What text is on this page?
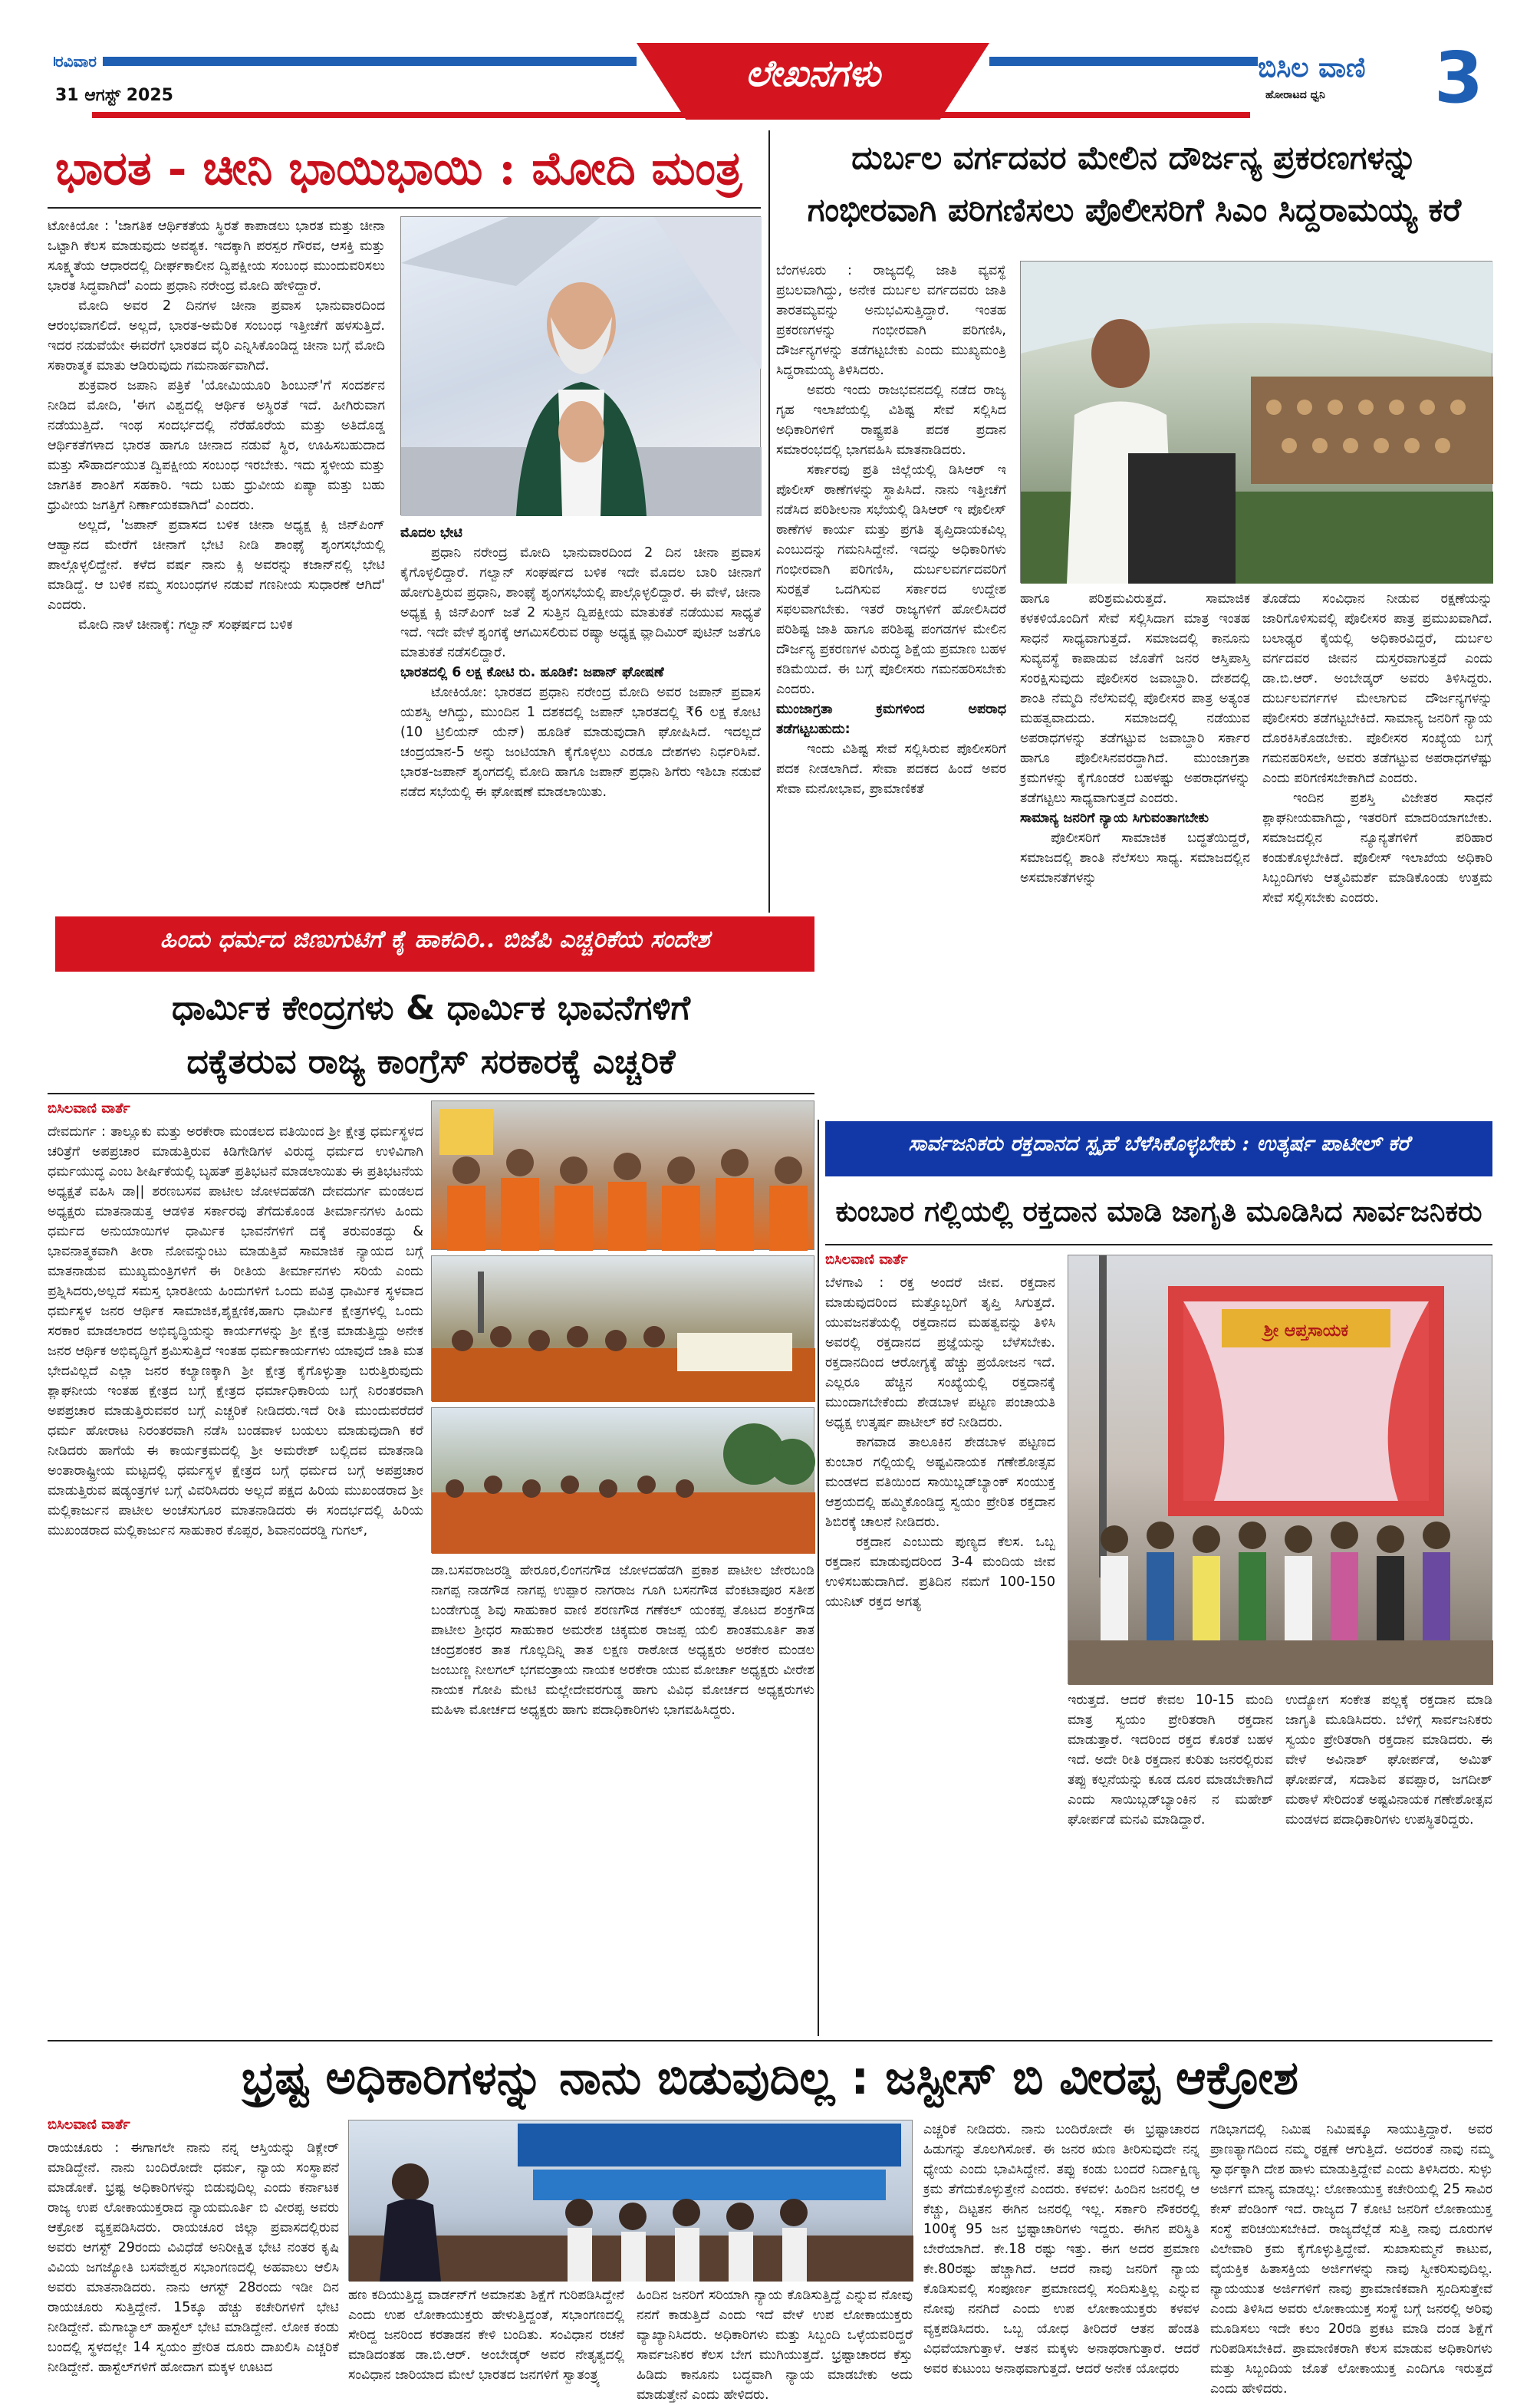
ರವಿವಾರ
31 ಆಗಸ್ಟ್ 2025
ಲೇಖನಗಳು	ಬಿಸಿಲ ವಾಣಿ
ಹೋರಾಟದ ಧ್ವನಿ 3
ಭಾರತ - ಚೀನಿ ಭಾಯಿಭಾಯಿ : ಮೋದಿ ಮಂತ್ರ

ಟೋಕಿಯೋ : 'ಜಾಗತಿಕ ಆರ್ಥಿಕತೆಯ ಸ್ಥಿರತೆ ಕಾಪಾಡಲು ಭಾರತ ಮತ್ತು ಚೀನಾ ಒಟ್ಟಾಗಿ ಕೆಲಸ ಮಾಡುವುದು ಅವಶ್ಯಕ. ಇದಕ್ಕಾಗಿ ಪರಸ್ಪರ ಗೌರವ, ಆಸಕ್ತಿ ಮತ್ತು ಸೂಕ್ಷ್ಮತೆಯ ಆಧಾರದಲ್ಲಿ ದೀರ್ಘಕಾಲೀನ ದ್ವಿಪಕ್ಷೀಯ ಸಂಬಂಧ ಮುಂದುವರಿಸಲು ಭಾರತ ಸಿದ್ಧವಾಗಿದೆ' ಎಂದು ಪ್ರಧಾನಿ ನರೇಂದ್ರ ಮೋದಿ ಹೇಳಿದ್ದಾರೆ.

ಮೋದಿ ಅವರ 2 ದಿನಗಳ ಚೀನಾ ಪ್ರವಾಸ ಭಾನುವಾರದಿಂದ ಆರಂಭವಾಗಲಿದೆ. ಅಲ್ಲದೆ, ಭಾರತ-ಅಮೆರಿಕ ಸಂಬಂಧ ಇತ್ತೀಚೆಗೆ ಹಳಸುತ್ತಿದೆ. ಇದರ ನಡುವೆಯೇ ಈವರೆಗೆ ಭಾರತದ ವೈರಿ ಎನ್ನಿಸಿಕೊಂಡಿದ್ದ ಚೀನಾ ಬಗ್ಗೆ ಮೋದಿ ಸಕಾರಾತ್ಮಕ ಮಾತು ಆಡಿರುವುದು ಗಮನಾರ್ಹವಾಗಿದೆ.

ಶುಕ್ರವಾರ ಜಪಾನಿ ಪತ್ರಿಕೆ 'ಯೋಮಿಯೂರಿ ಶಿಂಬುನ್'ಗೆ ಸಂದರ್ಶನ ನೀಡಿದ ಮೋದಿ, 'ಈಗ ವಿಶ್ವದಲ್ಲಿ ಆರ್ಥಿಕ ಅಸ್ಥಿರತೆ ಇದೆ. ಹೀಗಿರುವಾಗ ನಡೆಯುತ್ತಿದೆ. ಇಂಥ ಸಂದರ್ಭದಲ್ಲಿ ನೆರೆಹೊರೆಯ ಮತ್ತು ಅತಿದೊಡ್ಡ ಆರ್ಥಿಕತೆಗಳಾದ ಭಾರತ ಹಾಗೂ ಚೀನಾದ ನಡುವೆ ಸ್ಥಿರ, ಊಹಿಸಬಹುದಾದ ಮತ್ತು ಸೌಹಾರ್ದಯುತ ದ್ವಿಪಕ್ಷೀಯ ಸಂಬಂಧ ಇರಬೇಕು. ಇದು ಸ್ಥಳೀಯ ಮತ್ತು ಜಾಗತಿಕ ಶಾಂತಿಗೆ ಸಹಕಾರಿ. ಇದು ಬಹು ಧ್ರುವೀಯ ಏಷ್ಯಾ ಮತ್ತು ಬಹು ಧ್ರುವೀಯ ಜಗತ್ತಿಗೆ ನಿರ್ಣಾಯಕವಾಗಿದೆ' ಎಂದರು.

ಅಲ್ಲದೆ, 'ಜಪಾನ್ ಪ್ರವಾಸದ ಬಳಿಕ ಚೀನಾ ಅಧ್ಯಕ್ಷ ಕ್ಸಿ ಜಿನ್‌ಪಿಂಗ್ ಆಹ್ವಾನದ ಮೇರೆಗೆ ಚೀನಾಗೆ ಭೇಟಿ ನೀಡಿ ಶಾಂಘೈ ಶೃಂಗಸಭೆಯಲ್ಲಿ ಪಾಲ್ಗೊಳ್ಳಲಿದ್ದೇನೆ. ಕಳೆದ ವರ್ಷ ನಾನು ಕ್ಸಿ ಅವರನ್ನು ಕಜಾನ್‌ನಲ್ಲಿ ಭೇಟಿ ಮಾಡಿದ್ದೆ. ಆ ಬಳಿಕ ನಮ್ಮ ಸಂಬಂಧಗಳ ನಡುವೆ ಗಣನೀಯ ಸುಧಾರಣೆ ಆಗಿದೆ' ಎಂದರು.

ಮೋದಿ ನಾಳೆ ಚೀನಾಕ್ಕೆ: ಗಲ್ವಾನ್ ಸಂಘರ್ಷದ ಬಳಿಕ

ಮೊದಲ ಭೇಟಿ

ಪ್ರಧಾನಿ ನರೇಂದ್ರ ಮೋದಿ ಭಾನುವಾರದಿಂದ 2 ದಿನ ಚೀನಾ ಪ್ರವಾಸ ಕೈಗೊಳ್ಳಲಿದ್ದಾರೆ. ಗಲ್ವಾನ್ ಸಂಘರ್ಷದ ಬಳಿಕ ಇದೇ ಮೊದಲ ಬಾರಿ ಚೀನಾಗೆ ಹೋಗುತ್ತಿರುವ ಪ್ರಧಾನಿ, ಶಾಂಘೈ ಶೃಂಗಸಭೆಯಲ್ಲಿ ಪಾಲ್ಗೊಳ್ಳಲಿದ್ದಾರೆ. ಈ ವೇಳೆ, ಚೀನಾ ಅಧ್ಯಕ್ಷ ಕ್ಸಿ ಜಿನ್‌ಪಿಂಗ್ ಜತೆ 2 ಸುತ್ತಿನ ದ್ವಿಪಕ್ಷೀಯ ಮಾತುಕತೆ ನಡೆಯುವ ಸಾಧ್ಯತೆ ಇದೆ. ಇದೇ ವೇಳೆ ಶೃಂಗಕ್ಕೆ ಆಗಮಿಸಲಿರುವ ರಷ್ಯಾ ಅಧ್ಯಕ್ಷ ವ್ಲಾದಿಮಿರ್ ಪುಟಿನ್ ಜತೆಗೂ ಮಾತುಕತೆ ನಡೆಸಲಿದ್ದಾರೆ.

ಭಾರತದಲ್ಲಿ 6 ಲಕ್ಷ ಕೋಟಿ ರು. ಹೂಡಿಕೆ: ಜಪಾನ್ ಘೋಷಣೆ

ಟೋಕಿಯೋ: ಭಾರತದ ಪ್ರಧಾನಿ ನರೇಂದ್ರ ಮೋದಿ ಅವರ ಜಪಾನ್ ಪ್ರವಾಸ ಯಶಸ್ವಿ ಆಗಿದ್ದು, ಮುಂದಿನ 1 ದಶಕದಲ್ಲಿ ಜಪಾನ್ ಭಾರತದಲ್ಲಿ ₹6 ಲಕ್ಷ ಕೋಟಿ (10 ಟ್ರಿಲಿಯನ್ ಯೆನ್) ಹೂಡಿಕೆ ಮಾಡುವುದಾಗಿ ಘೋಷಿಸಿದೆ. ಇದಲ್ಲದೆ ಚಂದ್ರಯಾನ-5 ಅನ್ನು ಜಂಟಿಯಾಗಿ ಕೈಗೊಳ್ಳಲು ಎರಡೂ ದೇಶಗಳು ನಿರ್ಧರಿಸಿವೆ. ಭಾರತ-ಜಪಾನ್ ಶೃಂಗದಲ್ಲಿ ಮೋದಿ ಹಾಗೂ ಜಪಾನ್ ಪ್ರಧಾನಿ ಶಿಗೆರು ಇಶಿಬಾ ನಡುವೆ ನಡೆದ ಸಭೆಯಲ್ಲಿ ಈ ಘೋಷಣೆ ಮಾಡಲಾಯಿತು.

ದುರ್ಬಲ ವರ್ಗದವರ ಮೇಲಿನ ದೌರ್ಜನ್ಯ ಪ್ರಕರಣಗಳನ್ನು
ಗಂಭೀರವಾಗಿ ಪರಿಗಣಿಸಲು ಪೊಲೀಸರಿಗೆ ಸಿಎಂ ಸಿದ್ದರಾಮಯ್ಯ ಕರೆ

ಬೆಂಗಳೂರು : ರಾಜ್ಯದಲ್ಲಿ ಜಾತಿ ವ್ಯವಸ್ಥೆ ಪ್ರಬಲವಾಗಿದ್ದು, ಅನೇಕ ದುರ್ಬಲ ವರ್ಗದವರು ಜಾತಿ ತಾರತಮ್ಯವನ್ನು ಅನುಭವಿಸುತ್ತಿದ್ದಾರೆ. ಇಂತಹ ಪ್ರಕರಣಗಳನ್ನು ಗಂಭೀರವಾಗಿ ಪರಿಗಣಿಸಿ, ದೌರ್ಜನ್ಯಗಳನ್ನು ತಡೆಗಟ್ಟಬೇಕು ಎಂದು ಮುಖ್ಯಮಂತ್ರಿ ಸಿದ್ದರಾಮಯ್ಯ ತಿಳಿಸಿದರು.

ಅವರು ಇಂದು ರಾಜಭವನದಲ್ಲಿ ನಡೆದ ರಾಜ್ಯ ಗೃಹ ಇಲಾಖೆಯಲ್ಲಿ ವಿಶಿಷ್ಟ ಸೇವೆ ಸಲ್ಲಿಸಿದ ಅಧಿಕಾರಿಗಳಿಗೆ ರಾಷ್ಟ್ರಪತಿ ಪದಕ ಪ್ರದಾನ ಸಮಾರಂಭದಲ್ಲಿ ಭಾಗವಹಿಸಿ ಮಾತನಾಡಿದರು.

ಸರ್ಕಾರವು ಪ್ರತಿ ಜಿಲ್ಲೆಯಲ್ಲಿ ಡಿಸಿಆರ್ ಇ ಪೊಲೀಸ್ ಠಾಣೆಗಳನ್ನು ಸ್ಥಾಪಿಸಿದೆ. ನಾನು ಇತ್ತೀಚೆಗೆ ನಡೆಸಿದ ಪರಿಶೀಲನಾ ಸಭೆಯಲ್ಲಿ ಡಿಸಿಆರ್ ಇ ಪೊಲೀಸ್ ಠಾಣೆಗಳ ಕಾರ್ಯ ಮತ್ತು ಪ್ರಗತಿ ತೃಪ್ತಿದಾಯಕವಿಲ್ಲ ಎಂಬುದನ್ನು ಗಮನಿಸಿದ್ದೇನೆ. ಇದನ್ನು ಅಧಿಕಾರಿಗಳು ಗಂಭೀರವಾಗಿ ಪರಿಗಣಿಸಿ, ದುರ್ಬಲವರ್ಗದವರಿಗೆ ಸುರಕ್ಷತೆ ಒದಗಿಸುವ ಸರ್ಕಾರದ ಉದ್ದೇಶ ಸಫಲವಾಗಬೇಕು. ಇತರೆ ರಾಜ್ಯಗಳಿಗೆ ಹೋಲಿಸಿದರೆ ಪರಿಶಿಷ್ಟ ಜಾತಿ ಹಾಗೂ ಪರಿಶಿಷ್ಟ ಪಂಗಡಗಳ ಮೇಲಿನ ದೌರ್ಜನ್ಯ ಪ್ರಕರಣಗಳ ವಿರುದ್ಧ ಶಿಕ್ಷೆಯ ಪ್ರಮಾಣ ಬಹಳ ಕಡಿಮೆಯಿದೆ. ಈ ಬಗ್ಗೆ ಪೊಲೀಸರು ಗಮನಹರಿಸಬೇಕು ಎಂದರು.

ಮುಂಜಾಗ್ರತಾ ಕ್ರಮಗಳಿಂದ ಅಪರಾಧ ತಡೆಗಟ್ಟಬಹುದು:

ಇಂದು ವಿಶಿಷ್ಟ ಸೇವೆ ಸಲ್ಲಿಸಿರುವ ಪೊಲೀಸರಿಗೆ ಪದಕ ನೀಡಲಾಗಿದೆ. ಸೇವಾ ಪದಕದ ಹಿಂದೆ ಅವರ ಸೇವಾ ಮನೋಭಾವ, ಪ್ರಾಮಾಣಿಕತೆ

ಹಾಗೂ ಪರಿಶ್ರಮವಿರುತ್ತದೆ. ಸಾಮಾಜಿಕ ಕಳಕಳಿಯೊಂದಿಗೆ ಸೇವೆ ಸಲ್ಲಿಸಿದಾಗ ಮಾತ್ರ ಇಂತಹ ಸಾಧನೆ ಸಾಧ್ಯವಾಗುತ್ತದೆ. ಸಮಾಜದಲ್ಲಿ ಕಾನೂನು ಸುವ್ಯವಸ್ಥೆ ಕಾಪಾಡುವ ಜೊತೆಗೆ ಜನರ ಆಸ್ತಿಪಾಸ್ತಿ ಸಂರಕ್ಷಿಸುವುದು ಪೊಲೀಸರ ಜವಾಬ್ದಾರಿ. ದೇಶದಲ್ಲಿ ಶಾಂತಿ ನೆಮ್ಮದಿ ನೆಲೆಸುವಲ್ಲಿ ಪೊಲೀಸರ ಪಾತ್ರ ಅತ್ಯಂತ ಮಹತ್ವವಾದುದು. ಸಮಾಜದಲ್ಲಿ ನಡೆಯುವ ಅಪರಾಧಗಳನ್ನು ತಡೆಗಟ್ಟುವ ಜವಾಬ್ದಾರಿ ಸರ್ಕಾರ ಹಾಗೂ ಪೊಲೀಸಿನವರದ್ದಾಗಿದೆ. ಮುಂಜಾಗ್ರತಾ ಕ್ರಮಗಳನ್ನು ಕೈಗೊಂಡರೆ ಬಹಳಷ್ಟು ಅಪರಾಧಗಳನ್ನು ತಡೆಗಟ್ಟಲು ಸಾಧ್ಯವಾಗುತ್ತದೆ ಎಂದರು.

ಸಾಮಾನ್ಯ ಜನರಿಗೆ ನ್ಯಾಯ ಸಿಗುವಂತಾಗಬೇಕು

ಪೊಲೀಸರಿಗೆ ಸಾಮಾಜಿಕ ಬದ್ಧತೆಯಿದ್ದರೆ, ಸಮಾಜದಲ್ಲಿ ಶಾಂತಿ ನೆಲೆಸಲು ಸಾಧ್ಯ. ಸಮಾಜದಲ್ಲಿನ ಅಸಮಾನತೆಗಳನ್ನು

ತೊಡೆದು ಸಂವಿಧಾನ ನೀಡುವ ರಕ್ಷಣೆಯನ್ನು ಜಾರಿಗೊಳಿಸುವಲ್ಲಿ ಪೊಲೀಸರ ಪಾತ್ರ ಪ್ರಮುಖವಾಗಿದೆ. ಬಲಾಢ್ಯರ ಕೈಯಲ್ಲಿ ಅಧಿಕಾರವಿದ್ದರೆ, ದುರ್ಬಲ ವರ್ಗದವರ ಜೀವನ ದುಸ್ತರವಾಗುತ್ತದೆ ಎಂದು ಡಾ.ಬಿ.ಆರ್. ಅಂಬೇಡ್ಕರ್ ಅವರು ತಿಳಿಸಿದ್ದರು. ದುರ್ಬಲವರ್ಗಗಳ ಮೇಲಾಗುವ ದೌರ್ಜನ್ಯಗಳನ್ನು ಪೊಲೀಸರು ತಡೆಗಟ್ಟಬೇಕಿದೆ. ಸಾಮಾನ್ಯ ಜನರಿಗೆ ನ್ಯಾಯ ದೊರಕಿಸಿಕೊಡಬೇಕು. ಪೊಲೀಸರ ಸಂಖ್ಯೆಯ ಬಗ್ಗೆ ಗಮನಹರಿಸಲೇ, ಅವರು ತಡೆಗಟ್ಟುವ ಅಪರಾಧಗಳೆಷ್ಟು ಎಂದು ಪರಿಗಣಿಸಬೇಕಾಗಿದೆ ಎಂದರು.

ಇಂದಿನ ಪ್ರಶಸ್ತಿ ವಿಜೇತರ ಸಾಧನೆ ಶ್ಲಾಘನೀಯವಾಗಿದ್ದು, ಇತರರಿಗೆ ಮಾದರಿಯಾಗಬೇಕು. ಸಮಾಜದಲ್ಲಿನ ನ್ಯೂನ್ಯತೆಗಳಿಗೆ ಪರಿಹಾರ ಕಂಡುಕೊಳ್ಳಬೇಕಿದೆ. ಪೊಲೀಸ್ ಇಲಾಖೆಯ ಅಧಿಕಾರಿ ಸಿಬ್ಬಂದಿಗಳು ಆತ್ಮವಿಮರ್ಶೆ ಮಾಡಿಕೊಂಡು ಉತ್ತಮ ಸೇವೆ ಸಲ್ಲಿಸಬೇಕು ಎಂದರು.

ಹಿಂದು ಧರ್ಮದ ಜಿಣುಗುಟಿಗೆ ಕೈ ಹಾಕದಿರಿ.. ಬಿಜೆಪಿ ಎಚ್ಚರಿಕೆಯ ಸಂದೇಶ
ಧಾರ್ಮಿಕ ಕೇಂದ್ರಗಳು & ಧಾರ್ಮಿಕ ಭಾವನೆಗಳಿಗೆ
ದಕ್ಕೆತರುವ ರಾಜ್ಯ ಕಾಂಗ್ರೆಸ್ ಸರಕಾರಕ್ಕೆ ಎಚ್ಚರಿಕೆ
ಬಿಸಿಲವಾಣಿ ವಾರ್ತೆ
ದೇವದುರ್ಗ : ತಾಲ್ಲೂಕು ಮತ್ತು ಅರಕೇರಾ ಮಂಡಲದ ವತಿಯಿಂದ ಶ್ರೀ ಕ್ಷೇತ್ರ ಧರ್ಮಸ್ಥಳದ ಚರಿತ್ರೆಗೆ ಅಪಪ್ರಚಾರ ಮಾಡುತ್ತಿರುವ ಕಿಡಿಗೇಡಿಗಳ ವಿರುದ್ಧ ಧರ್ಮದ ಉಳಿವಿಗಾಗಿ ಧರ್ಮಯುದ್ಧ ಎಂಬ ಶೀರ್ಷಿಕೆಯಲ್ಲಿ ಬೃಹತ್ ಪ್ರತಿಭಟನೆ ಮಾಡಲಾಯಿತು ಈ ಪ್ರತಿಭಟನೆಯ ಅಧ್ಯಕ್ಷತೆ ವಹಿಸಿ ಡಾ|| ಶರಣಬಸವ ಪಾಟೀಲ ಜೋಳದಹೆಡಗಿ ದೇವದುರ್ಗ ಮಂಡಲದ ಅಧ್ಯಕ್ಷರು ಮಾತನಾಡುತ್ತ ಆಡಳಿತ ಸರ್ಕಾರವು ತೆಗೆದುಕೊಂಡ ತೀರ್ಮಾನಗಳು ಹಿಂದು ಧರ್ಮದ ಅನುಯಾಯಿಗಳ ಧಾರ್ಮಿಕ ಭಾವನೆಗಳಿಗೆ ದಕ್ಕೆ ತರುವಂತದ್ದು & ಭಾವನಾತ್ಮಕವಾಗಿ ತೀರಾ ನೋವನ್ನುಂಟು ಮಾಡುತ್ತಿವೆ ಸಾಮಾಜಿಕ ನ್ಯಾಯದ ಬಗ್ಗೆ ಮಾತನಾಡುವ ಮುಖ್ಯಮಂತ್ರಿಗಳಿಗೆ ಈ ರೀತಿಯ ತೀರ್ಮಾನಗಳು ಸರಿಯೆ ಎಂದು ಪ್ರಶ್ನಿಸಿದರು,ಅಲ್ಲದೆ ಸಮಸ್ತ ಭಾರತೀಯ ಹಿಂದುಗಳಿಗೆ ಒಂದು ಪವಿತ್ರ ಧಾರ್ಮಿಕ ಸ್ಥಳವಾದ ಧರ್ಮಸ್ಥಳ ಜನರ ಆರ್ಥಿಕ ಸಾಮಾಜಿಕ,ಶೈಕ್ಷಣಿಕ,ಹಾಗು ಧಾರ್ಮಿಕ ಕ್ಷೇತ್ರಗಳಲ್ಲಿ ಒಂದು ಸರಕಾರ ಮಾಡಲಾರದ ಅಭಿವೃದ್ಧಿಯನ್ನು ಕಾರ್ಯಗಳನ್ನು ಶ್ರೀ ಕ್ಷೇತ್ರ ಮಾಡುತ್ತಿದ್ದು ಅನೇಕ ಜನರ ಆರ್ಥಿಕ ಅಭಿವೃದ್ಧಿಗೆ ಶ್ರಮಿಸುತ್ತಿದೆ ಇಂತಹ ಧರ್ಮಕಾರ್ಯಗಳು ಯಾವುದೆ ಜಾತಿ ಮತ ಭೇದವಿಲ್ಲದೆ ಎಲ್ಲಾ ಜನರ ಕಲ್ಯಾಣಕ್ಕಾಗಿ ಶ್ರೀ ಕ್ಷೇತ್ರ ಕೈಗೊಳ್ಳುತ್ತಾ ಬರುತ್ತಿರುವುದು ಶ್ಲಾಘನೀಯ ಇಂತಹ ಕ್ಷೇತ್ರದ ಬಗ್ಗೆ ಕ್ಷೇತ್ರದ ಧರ್ಮಾಧಿಕಾರಿಯ ಬಗ್ಗೆ ನಿರಂತರವಾಗಿ ಅಪಪ್ರಚಾರ ಮಾಡುತ್ತಿರುವವರ ಬಗ್ಗೆ ಎಚ್ಚರಿಕೆ ನೀಡಿದರು.ಇದೆ ರೀತಿ ಮುಂದುವರೆದರೆ ಧರ್ಮ ಹೋರಾಟ ನಿರಂತರವಾಗಿ ನಡೆಸಿ ಬಂಡವಾಳ ಬಯಲು ಮಾಡುವುದಾಗಿ ಕರೆ ನೀಡಿದರು ಹಾಗೆಯೆ ಈ ಕಾರ್ಯಕ್ರಮದಲ್ಲಿ ಶ್ರೀ ಅಮರೇಶ್ ಬಲ್ಲಿದವ ಮಾತನಾಡಿ ಅಂತಾರಾಷ್ಟ್ರೀಯ ಮಟ್ಟದಲ್ಲಿ ಧರ್ಮಸ್ಥಳ ಕ್ಷೇತ್ರದ ಬಗ್ಗೆ ಧರ್ಮದ ಬಗ್ಗೆ ಅಪಪ್ರಚಾರ ಮಾಡುತ್ತಿರುವ ಷಡ್ಯಂತ್ರಗಳ ಬಗ್ಗೆ ವಿವರಿಸಿದರು ಅಲ್ಲದೆ ಪಕ್ಷದ ಹಿರಿಯ ಮುಖಂಡರಾದ ಶ್ರೀ ಮಲ್ಲಿಕಾರ್ಜುನ ಪಾಟೀಲ ಅಂಚೆಸುಗೂರ ಮಾತನಾಡಿದರು ಈ ಸಂದರ್ಭದಲ್ಲಿ ಹಿರಿಯ ಮುಖಂಡರಾದ ಮಲ್ಲಿಕಾರ್ಜುನ ಸಾಹುಕಾರ ಕೊಪ್ಪರ, ಶಿವಾನಂದರಡ್ಡಿ ಗುಗಲ್,
ಡಾ.ಬಸವರಾಜರಡ್ಡಿ ಹೇರೂರ,ಲಿಂಗನಗೌಡ ಜೋಳದಹೆಡಗಿ ಪ್ರಕಾಶ ಪಾಟೀಲ ಜೇರಬಂಡಿ ನಾಗಪ್ಪ ನಾಡಗೌಡ ನಾಗಪ್ಪ ಉಪ್ಪಾರ ನಾಗರಾಜ ಗೂಗಿ ಬಸನಗೌಡ ವೆಂಕಟಾಪೂರ ಸತೀಶ ಬಂಡೇಗುಡ್ಡ ಶಿವು ಸಾಹುಕಾರ ವಾಣಿ ಶರಣಗೌಡ ಗಣೆಕಲ್ ಯಂಕಪ್ಪ ತೊಟದ ಶಂಕ್ರಗೌಡ ಪಾಟೀಲ ಶ್ರೀಧರ ಸಾಹುಕಾರ ಅಮರೇಶ ಚಿಕ್ಕಮಠ ರಾಜಪ್ಪ ಯಲಿ ಶಾಂತಮೂರ್ತಿ ತಾತ ಚಂದ್ರಶಂಕರ ತಾತ ಗೊಲ್ಲದಿನ್ನಿ ತಾತ ಲಕ್ಷಣ ರಾಠೋಡ ಅಧ್ಯಕ್ಷರು ಅರಕೇರ ಮಂಡಲ ಜಂಬುಣ್ಣ ನೀಲಗಲ್ ಭಗವಂತ್ರಾಯ ನಾಯಕ ಅರಕೇರಾ ಯುವ ಮೋರ್ಚಾ ಅಧ್ಯಕ್ಷರು ವೀರೇಶ ನಾಯಕ ಗೋಪಿ ಮೇಟಿ ಮಲ್ಲೇದೇವರಗುಡ್ಡ ಹಾಗು ವಿವಿಧ ಮೋರ್ಚದ ಅಧ್ಯಕ್ಷರುಗಳು ಮಹಿಳಾ ಮೋರ್ಚದ ಅಧ್ಯಕ್ಷರು ಹಾಗು ಪದಾಧಿಕಾರಿಗಳು ಭಾಗವಹಿಸಿದ್ದರು.
ಸಾರ್ವಜನಿಕರು ರಕ್ತದಾನದ ಸ್ಪೃಹೆ ಬೆಳೆಸಿಕೊಳ್ಳಬೇಕು : ಉತ್ಕರ್ಷ ಪಾಟೀಲ್ ಕರೆ
ಕುಂಬಾರ ಗಲ್ಲಿಯಲ್ಲಿ ರಕ್ತದಾನ ಮಾಡಿ ಜಾಗೃತಿ ಮೂಡಿಸಿದ ಸಾರ್ವಜನಿಕರು
ಬಿಸಿಲವಾಣಿ ವಾರ್ತೆ

ಬೆಳಗಾವಿ : ರಕ್ತ ಅಂದರೆ ಜೀವ. ರಕ್ತದಾನ ಮಾಡುವುದರಿಂದ ಮತ್ತೊಬ್ಬರಿಗೆ ತೃಪ್ತಿ ಸಿಗುತ್ತದೆ. ಯುವಜನತೆಯಲ್ಲಿ ರಕ್ತದಾನದ ಮಹತ್ವವನ್ನು ತಿಳಿಸಿ ಅವರಲ್ಲಿ ರಕ್ತದಾನದ ಪ್ರಜ್ಞೆಯನ್ನು ಬೆಳೆಸಬೇಕು. ರಕ್ತದಾನದಿಂದ ಆರೋಗ್ಯಕ್ಕೆ ಹೆಚ್ಚು ಪ್ರಯೋಜನ ಇದೆ. ಎಲ್ಲರೂ ಹೆಚ್ಚಿನ ಸಂಖ್ಯೆಯಲ್ಲಿ ರಕ್ತದಾನಕ್ಕೆ ಮುಂದಾಗಬೇಕೆಂದು ಶೇಡಬಾಳ ಪಟ್ಟಣ ಪಂಚಾಯತಿ ಅಧ್ಯಕ್ಷ ಉತ್ಕರ್ಷ ಪಾಟೀಲ್ ಕರೆ ನೀಡಿದರು.

ಕಾಗವಾಡ ತಾಲೂಕಿನ ಶೇಡಬಾಳ ಪಟ್ಟಣದ ಕುಂಬಾರ ಗಲ್ಲಿಯಲ್ಲಿ ಅಷ್ಟವಿನಾಯಕ ಗಣೇಶೋತ್ಸವ ಮಂಡಳದ ವತಿಯಿಂದ ಸಾಯಿಬ್ಲಡ್‌ಬ್ಯಾಂಕ್ ಸಂಯುಕ್ತ ಆಶ್ರಯದಲ್ಲಿ ಹಮ್ಮಿಕೊಂಡಿದ್ದ ಸ್ವಯಂ ಪ್ರೇರಿತ ರಕ್ತದಾನ ಶಿಬಿರಕ್ಕೆ ಚಾಲನೆ ನೀಡಿದರು.

ರಕ್ತದಾನ ಎಂಬುದು ಪುಣ್ಯದ ಕೆಲಸ. ಒಬ್ಬ ರಕ್ತದಾನ ಮಾಡುವುದರಿಂದ 3-4 ಮಂದಿಯ ಜೀವ ಉಳಿಸಬಹುದಾಗಿದೆ. ಪ್ರತಿದಿನ ನಮಗೆ 100-150 ಯುನಿಟ್ ರಕ್ತದ ಅಗತ್ಯ

ಶ್ರೀ ಆಪ್ತಸಾಯಕ
ಇರುತ್ತದೆ. ಆದರೆ ಕೇವಲ 10-15 ಮಂದಿ ಮಾತ್ರ ಸ್ವಯಂ ಪ್ರೇರಿತರಾಗಿ ರಕ್ತದಾನ ಮಾಡುತ್ತಾರೆ. ಇದರಿಂದ ರಕ್ತದ ಕೊರತೆ ಬಹಳ ಇದೆ. ಅದೇ ರೀತಿ ರಕ್ತದಾನ ಕುರಿತು ಜನರಲ್ಲಿರುವ ತಪ್ಪು ಕಲ್ಪನೆಯನ್ನು ಕೂಡ ದೂರ ಮಾಡಬೇಕಾಗಿದೆ ಎಂದು ಸಾಯಿಬ್ಲಡ್‌ಬ್ಯಾಂಕಿನ ನ ಮಹೇಶ್ ಘೋರ್ಪಡೆ ಮನವಿ ಮಾಡಿದ್ದಾರೆ.
ಉದ್ಯೋಗ ಸಂಕೇತ ಪಲ್ಲಕ್ಕೆ ರಕ್ತದಾನ ಮಾಡಿ ಜಾಗೃತಿ ಮೂಡಿಸಿದರು. ಬೆಳಿಗ್ಗೆ ಸಾರ್ವಜನಿಕರು ಸ್ವಯಂ ಪ್ರೇರಿತರಾಗಿ ರಕ್ತದಾನ ಮಾಡಿದರು. ಈ ವೇಳೆ ಅವಿನಾಶ್ ಘೋರ್ಪಡೆ, ಅಮಿತ್ ಘೋರ್ಪಡೆ, ಸದಾಶಿವ ತವಪ್ಪಾರ, ಜಗದೀಶ್ ಮಠಾಳೆ ಸೇರಿದಂತೆ ಅಷ್ಟವಿನಾಯಕ ಗಣೇಶೋತ್ಸವ ಮಂಡಳದ ಪದಾಧಿಕಾರಿಗಳು ಉಪಸ್ಥಿತರಿದ್ದರು.
ಭ್ರಷ್ಟ ಅಧಿಕಾರಿಗಳನ್ನು ನಾನು ಬಿಡುವುದಿಲ್ಲ : ಜಸ್ಟೀಸ್ ಬಿ ವೀರಪ್ಪ ಆಕ್ರೋಶ
ಬಿಸಿಲವಾಣಿ ವಾರ್ತೆ
ರಾಯಚೂರು : ಈಗಾಗಲೇ ನಾನು ನನ್ನ ಆಸ್ತಿಯನ್ನು ಡಿಕ್ಲೇರ್ ಮಾಡಿದ್ದೇನೆ. ನಾನು ಬಂದಿರೋದೇ ಧರ್ಮ, ನ್ಯಾಯ ಸಂಸ್ಥಾಪನೆ ಮಾಡೋಕೆ. ಭ್ರಷ್ಟ ಅಧಿಕಾರಿಗಳನ್ನು ಬಿಡುವುದಿಲ್ಲ ಎಂದು ಕರ್ನಾಟಕ ರಾಜ್ಯ ಉಪ ಲೋಕಾಯುಕ್ತರಾದ ನ್ಯಾಯಮೂರ್ತಿ ಬಿ ವೀರಪ್ಪ ಅವರು ಆಕ್ರೋಶ ವ್ಯಕ್ತಪಡಿಸಿದರು. ರಾಯಚೂರ ಜಿಲ್ಲಾ ಪ್ರವಾಸದಲ್ಲಿರುವ ಅವರು ಆಗಸ್ಟ್ 29ರಂದು ವಿವಿಧೆಡೆ ಅನಿರೀಕ್ಷಿತ ಭೇಟಿ ನಂತರ ಕೃಷಿ ವಿವಿಯ ಜಗಜ್ಯೋತಿ ಬಸವೇಶ್ವರ ಸಭಾಂಗಣದಲ್ಲಿ ಅಹವಾಲು ಆಲಿಸಿ ಅವರು ಮಾತನಾಡಿದರು. ನಾನು ಆಗಸ್ಟ್ 28ರಂದು ಇಡೀ ದಿನ ರಾಯಚೂರು ಸುತ್ತಿದ್ದೇನೆ. 15ಕ್ಕೂ ಹೆಚ್ಚು ಕಚೇರಿಗಳಿಗೆ ಭೇಟಿ ನೀಡಿದ್ದೇನೆ. ಮೆಗಾಬ್ಯಾಲ್ ಹಾಸ್ಟೆಲ್ ಭೇಟಿ ಮಾಡಿದ್ದೇನೆ. ಲೋಕ ಕಂಡು ಬಂದಲ್ಲಿ ಸ್ಥಳದಲ್ಲೇ 14 ಸ್ವಯಂ ಪ್ರೇರಿತ ದೂರು ದಾಖಲಿಸಿ ಎಚ್ಚರಿಕೆ ನೀಡಿದ್ದೇನೆ. ಹಾಸ್ಟೆಲ್‌ಗಳಿಗೆ ಹೋದಾಗ ಮಕ್ಕಳ ಊಟದ
ಹಣ ಕದಿಯುತ್ತಿದ್ದ ವಾರ್ಡನ್‌ಗೆ ಅಮಾನತು ಶಿಕ್ಷೆಗೆ ಗುರಿಪಡಿಸಿದ್ದೇನೆ ಎಂದು ಉಪ ಲೋಕಾಯುಕ್ತರು ಹೇಳುತ್ತಿದ್ದಂತೆ, ಸಭಾಂಗಣದಲ್ಲಿ ಸೇರಿದ್ದ ಜನರಿಂದ ಕರತಾಡನ ಕೇಳಿ ಬಂದಿತು. ಸಂವಿಧಾನ ರಚನೆ ಮಾಡಿದಂತಹ ಡಾ.ಬಿ.ಆರ್. ಅಂಬೇಡ್ಕರ್ ಅವರ ನೇತೃತ್ವದಲ್ಲಿ ಸಂವಿಧಾನ ಜಾರಿಯಾದ ಮೇಲೆ ಭಾರತದ ಜನಗಳಿಗೆ ಸ್ವಾತಂತ್ರ್ಯ
ಹಿಂದಿನ ಜನರಿಗೆ ಸರಿಯಾಗಿ ನ್ಯಾಯ ಕೊಡಿಸುತ್ತಿದ್ದೆ ಎನ್ನುವ ನೋವು ನನಗೆ ಕಾಡುತ್ತಿದೆ ಎಂದು ಇದೆ ವೇಳೆ ಉಪ ಲೋಕಾಯುಕ್ತರು ವ್ಯಾಖ್ಯಾನಿಸಿದರು. ಅಧಿಕಾರಿಗಳು ಮತ್ತು ಸಿಬ್ಬಂದಿ ಒಳ್ಳೆಯವರಿದ್ದರೆ ಸಾರ್ವಜನಿಕರ ಕೆಲಸ ಬೇಗ ಮುಗಿಯುತ್ತದೆ. ಭ್ರಷ್ಟಾಚಾರದ ಕೆಸ್ತು ಹಿಡಿದು ಕಾನೂನು ಬದ್ಧವಾಗಿ ನ್ಯಾಯ ಮಾಡಬೇಕು ಅದು ಮಾಡುತ್ತೇನೆ ಎಂದು ಹೇಳಿದರು.
ಎಚ್ಚರಿಕೆ ನೀಡಿದರು. ನಾನು ಬಂದಿರೋದೇ ಈ ಭ್ರಷ್ಟಾಚಾರದ ಹಿಡುಗನ್ನು ತೊಲಗಿಸೋಕೆ. ಈ ಜನರ ಋಣ ತೀರಿಸುವುದೇ ನನ್ನ ಧ್ಯೇಯ ಎಂದು ಭಾವಿಸಿದ್ದೇನೆ. ತಪ್ಪು ಕಂಡು ಬಂದರೆ ನಿರ್ದಾಕ್ಷಿಣ್ಯ ಕ್ರಮ ತೆಗೆದುಕೊಳ್ಳುತ್ತೇನೆ ಎಂದರು. ಕಳವಳ: ಹಿಂದಿನ ಜನರಲ್ಲಿ ಆ ಕೆಚ್ಚು, ದಿಟ್ಟತನ ಈಗಿನ ಜನರಲ್ಲಿ ಇಲ್ಲ. ಸರ್ಕಾರಿ ನೌಕರರಲ್ಲಿ 100ಕ್ಕೆ 95 ಜನ ಭ್ರಷ್ಟಾಚಾರಿಗಳು ಇದ್ದರು. ಈಗಿನ ಪರಿಸ್ಥಿತಿ ಬೇರೆಯಾಗಿದೆ. ಕೇ.18 ರಷ್ಟು ಇತ್ತು. ಈಗ ಅದರ ಪ್ರಮಾಣ ಕೇ.80ರಷ್ಟು ಹೆಚ್ಚಾಗಿದೆ. ಆದರೆ ನಾವು ಜನರಿಗೆ ನ್ಯಾಯ ಕೊಡಿಸುವಲ್ಲಿ ಸಂಪೂರ್ಣ ಪ್ರಮಾಣದಲ್ಲಿ ಸಂದಿಸುತ್ತಿಲ್ಲ ಎನ್ನುವ ನೋವು ನನಗಿದೆ ಎಂದು ಉಪ ಲೋಕಾಯುಕ್ತರು ಕಳವಳ ವ್ಯಕ್ತಪಡಿಸಿದರು. ಒಬ್ಬ ಯೋಧ ತೀರಿದರೆ ಆತನ ಹೆಂಡತಿ ವಿಧವೆಯಾಗುತ್ತಾಳೆ. ಆತನ ಮಕ್ಕಳು ಅನಾಥರಾಗುತ್ತಾರೆ. ಆದರೆ ಅವರ ಕುಟುಂಬ ಅನಾಥವಾಗುತ್ತದೆ. ಆದರೆ ಅನೇಕ ಯೋಧರು
ಗಡಿಭಾಗದಲ್ಲಿ ನಿಮಿಷ ನಿಮಿಷಕ್ಕೂ ಸಾಯುತ್ತಿದ್ದಾರೆ. ಅವರ ಪ್ರಾಣತ್ಯಾಗದಿಂದ ನಮ್ಮ ರಕ್ಷಣೆ ಆಗುತ್ತಿದೆ. ಅದರಂತೆ ನಾವು ನಮ್ಮ ಸ್ವಾರ್ಥಕ್ಕಾಗಿ ದೇಶ ಹಾಳು ಮಾಡುತ್ತಿದ್ದೇವೆ ಎಂದು ತಿಳಿಸಿದರು. ಸುಳ್ಳು ಅರ್ಜಿಗೆ ಮಾನ್ಯ ಮಾಡಲ್ಲ: ಲೋಕಾಯುಕ್ತ ಕಚೇರಿಯಲ್ಲಿ 25 ಸಾವಿರ ಕೇಸ್ ಪೆಂಡಿಂಗ್ ಇದೆ. ರಾಜ್ಯದ 7 ಕೋಟಿ ಜನರಿಗೆ ಲೋಕಾಯುಕ್ತ ಸಂಸ್ಥೆ ಪರಿಚಯಿಸಬೇಕಿದೆ. ರಾಜ್ಯದೆಲ್ಲೆಡೆ ಸುತ್ತಿ ನಾವು ದೂರುಗಳ ವಿಲೇವಾರಿ ಕ್ರಮ ಕೈಗೊಳ್ಳುತ್ತಿದ್ದೇವೆ. ಸುಖಾಸುಮ್ಮನೆ ಕಾಟುವ, ವೈಯಕ್ತಿಕ ಹಿತಾಸಕ್ತಿಯ ಅರ್ಜಿಗಳನ್ನು ನಾವು ಸ್ವೀಕರಿಸುವುದಿಲ್ಲ. ನ್ಯಾಯಯುತ ಅರ್ಜಿಗಳಿಗೆ ನಾವು ಪ್ರಾಮಾಣಿಕವಾಗಿ ಸ್ಪಂದಿಸುತ್ತೇವೆ ಎಂದು ತಿಳಿಸಿದ ಅವರು ಲೋಕಾಯುಕ್ತ ಸಂಸ್ಥೆ ಬಗ್ಗೆ ಜನರಲ್ಲಿ ಅರಿವು ಮೂಡಿಸಲು ಇದೇ ಕಲಂ 20ರಡಿ ಪ್ರಕಟ ಮಾಡಿ ದಂಡ ಶಿಕ್ಷೆಗೆ ಗುರಿಪಡಿಸಬೇಕಿದೆ. ಪ್ರಾಮಾಣಿಕರಾಗಿ ಕೆಲಸ ಮಾಡುವ ಅಧಿಕಾರಿಗಳು ಮತ್ತು ಸಿಬ್ಬಂದಿಯ ಜೊತೆ ಲೋಕಾಯುಕ್ತ ಎಂದಿಗೂ ಇರುತ್ತದೆ ಎಂದು ಹೇಳಿದರು.
